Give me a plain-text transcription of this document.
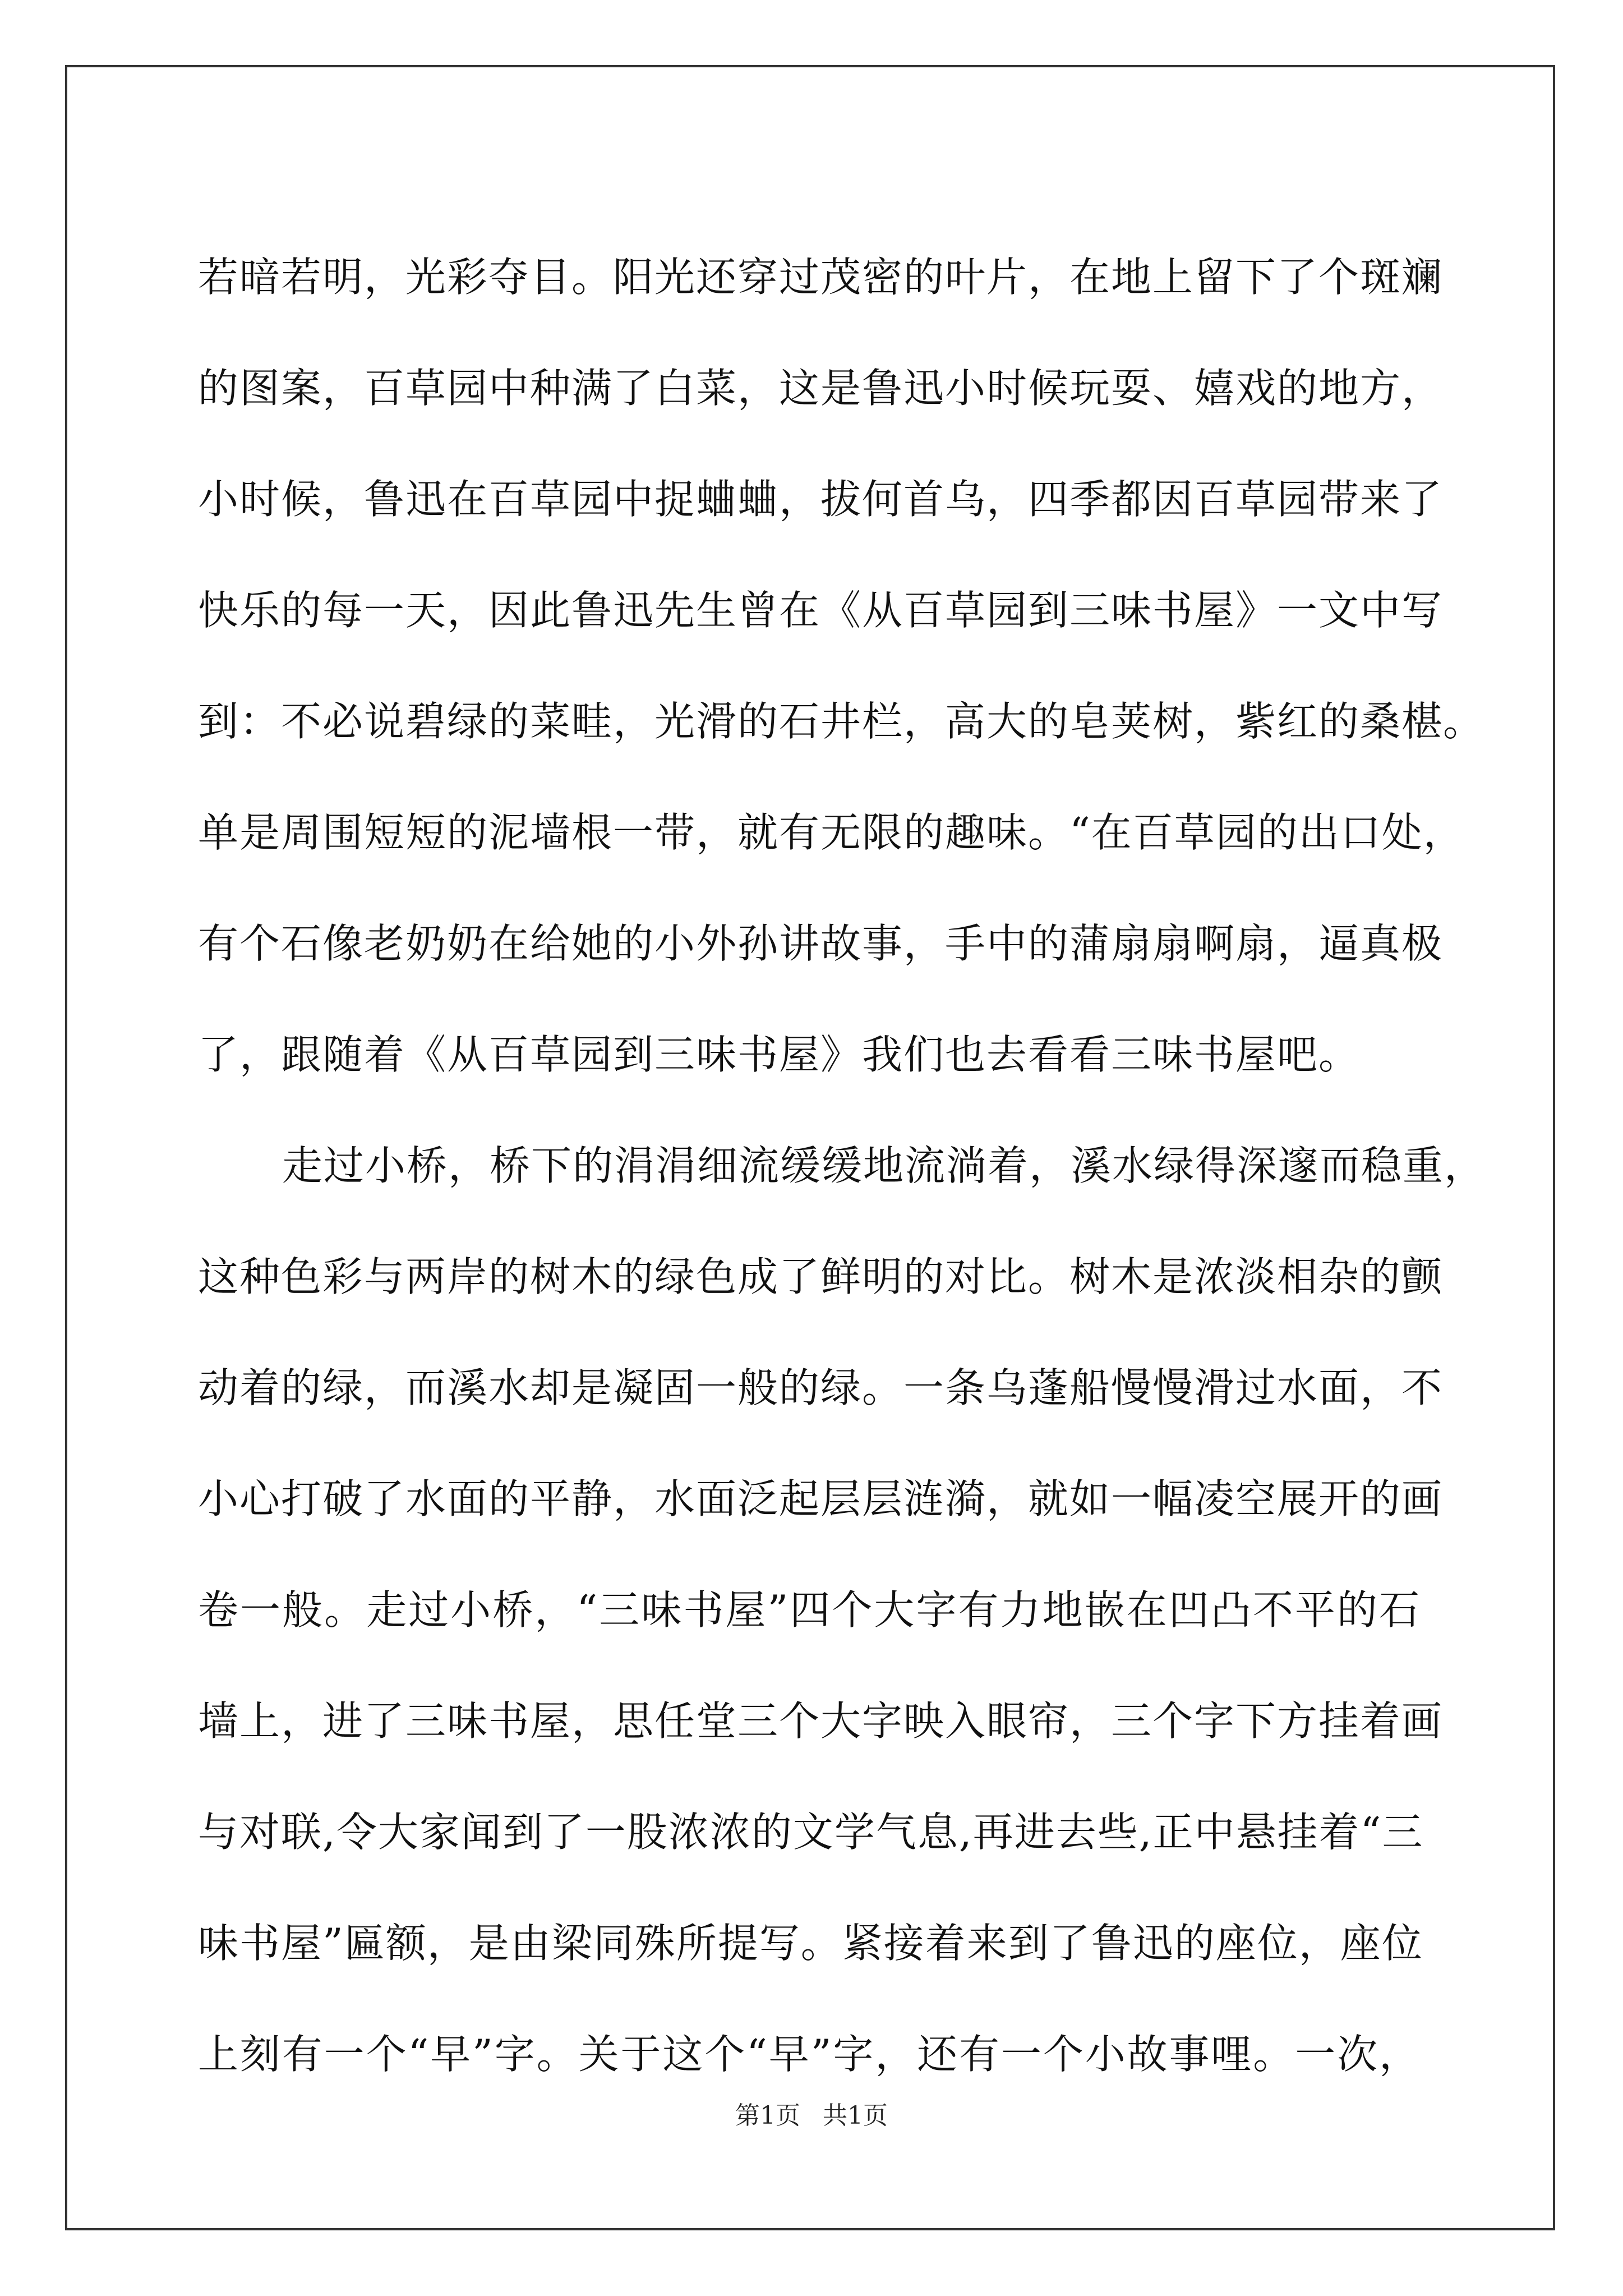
若暗若明，光彩夺目。阳光还穿过茂密的叶片，在地上留下了个斑斓
的图案，百草园中种满了白菜，这是鲁迅小时候玩耍、嬉戏的地方，
小时候，鲁迅在百草园中捉蛐蛐，拔何首乌，四季都因百草园带来了
快乐的每一天，因此鲁迅先生曾在《从百草园到三味书屋》一文中写
到：不必说碧绿的菜畦，光滑的石井栏，高大的皂荚树，紫红的桑椹。
单是周围短短的泥墙根一带，就有无限的趣味。“在百草园的出口处，
有个石像老奶奶在给她的小外孙讲故事，手中的蒲扇扇啊扇，逼真极
了，跟随着《从百草园到三味书屋》我们也去看看三味书屋吧。
走过小桥，桥下的涓涓细流缓缓地流淌着，溪水绿得深邃而稳重，
这种色彩与两岸的树木的绿色成了鲜明的对比。树木是浓淡相杂的颤
动着的绿，而溪水却是凝固一般的绿。一条乌蓬船慢慢滑过水面，不
小心打破了水面的平静，水面泛起层层涟漪，就如一幅凌空展开的画
卷一般。走过小桥，“三味书屋”四个大字有力地嵌在凹凸不平的石
墙上，进了三味书屋，思任堂三个大字映入眼帘，三个字下方挂着画
与对联,令大家闻到了一股浓浓的文学气息,再进去些,正中悬挂着“三
味书屋”匾额，是由梁同殊所提写。紧接着来到了鲁迅的座位，座位
上刻有一个“早”字。关于这个“早”字，还有一个小故事哩。一次，
第1页 共1页
